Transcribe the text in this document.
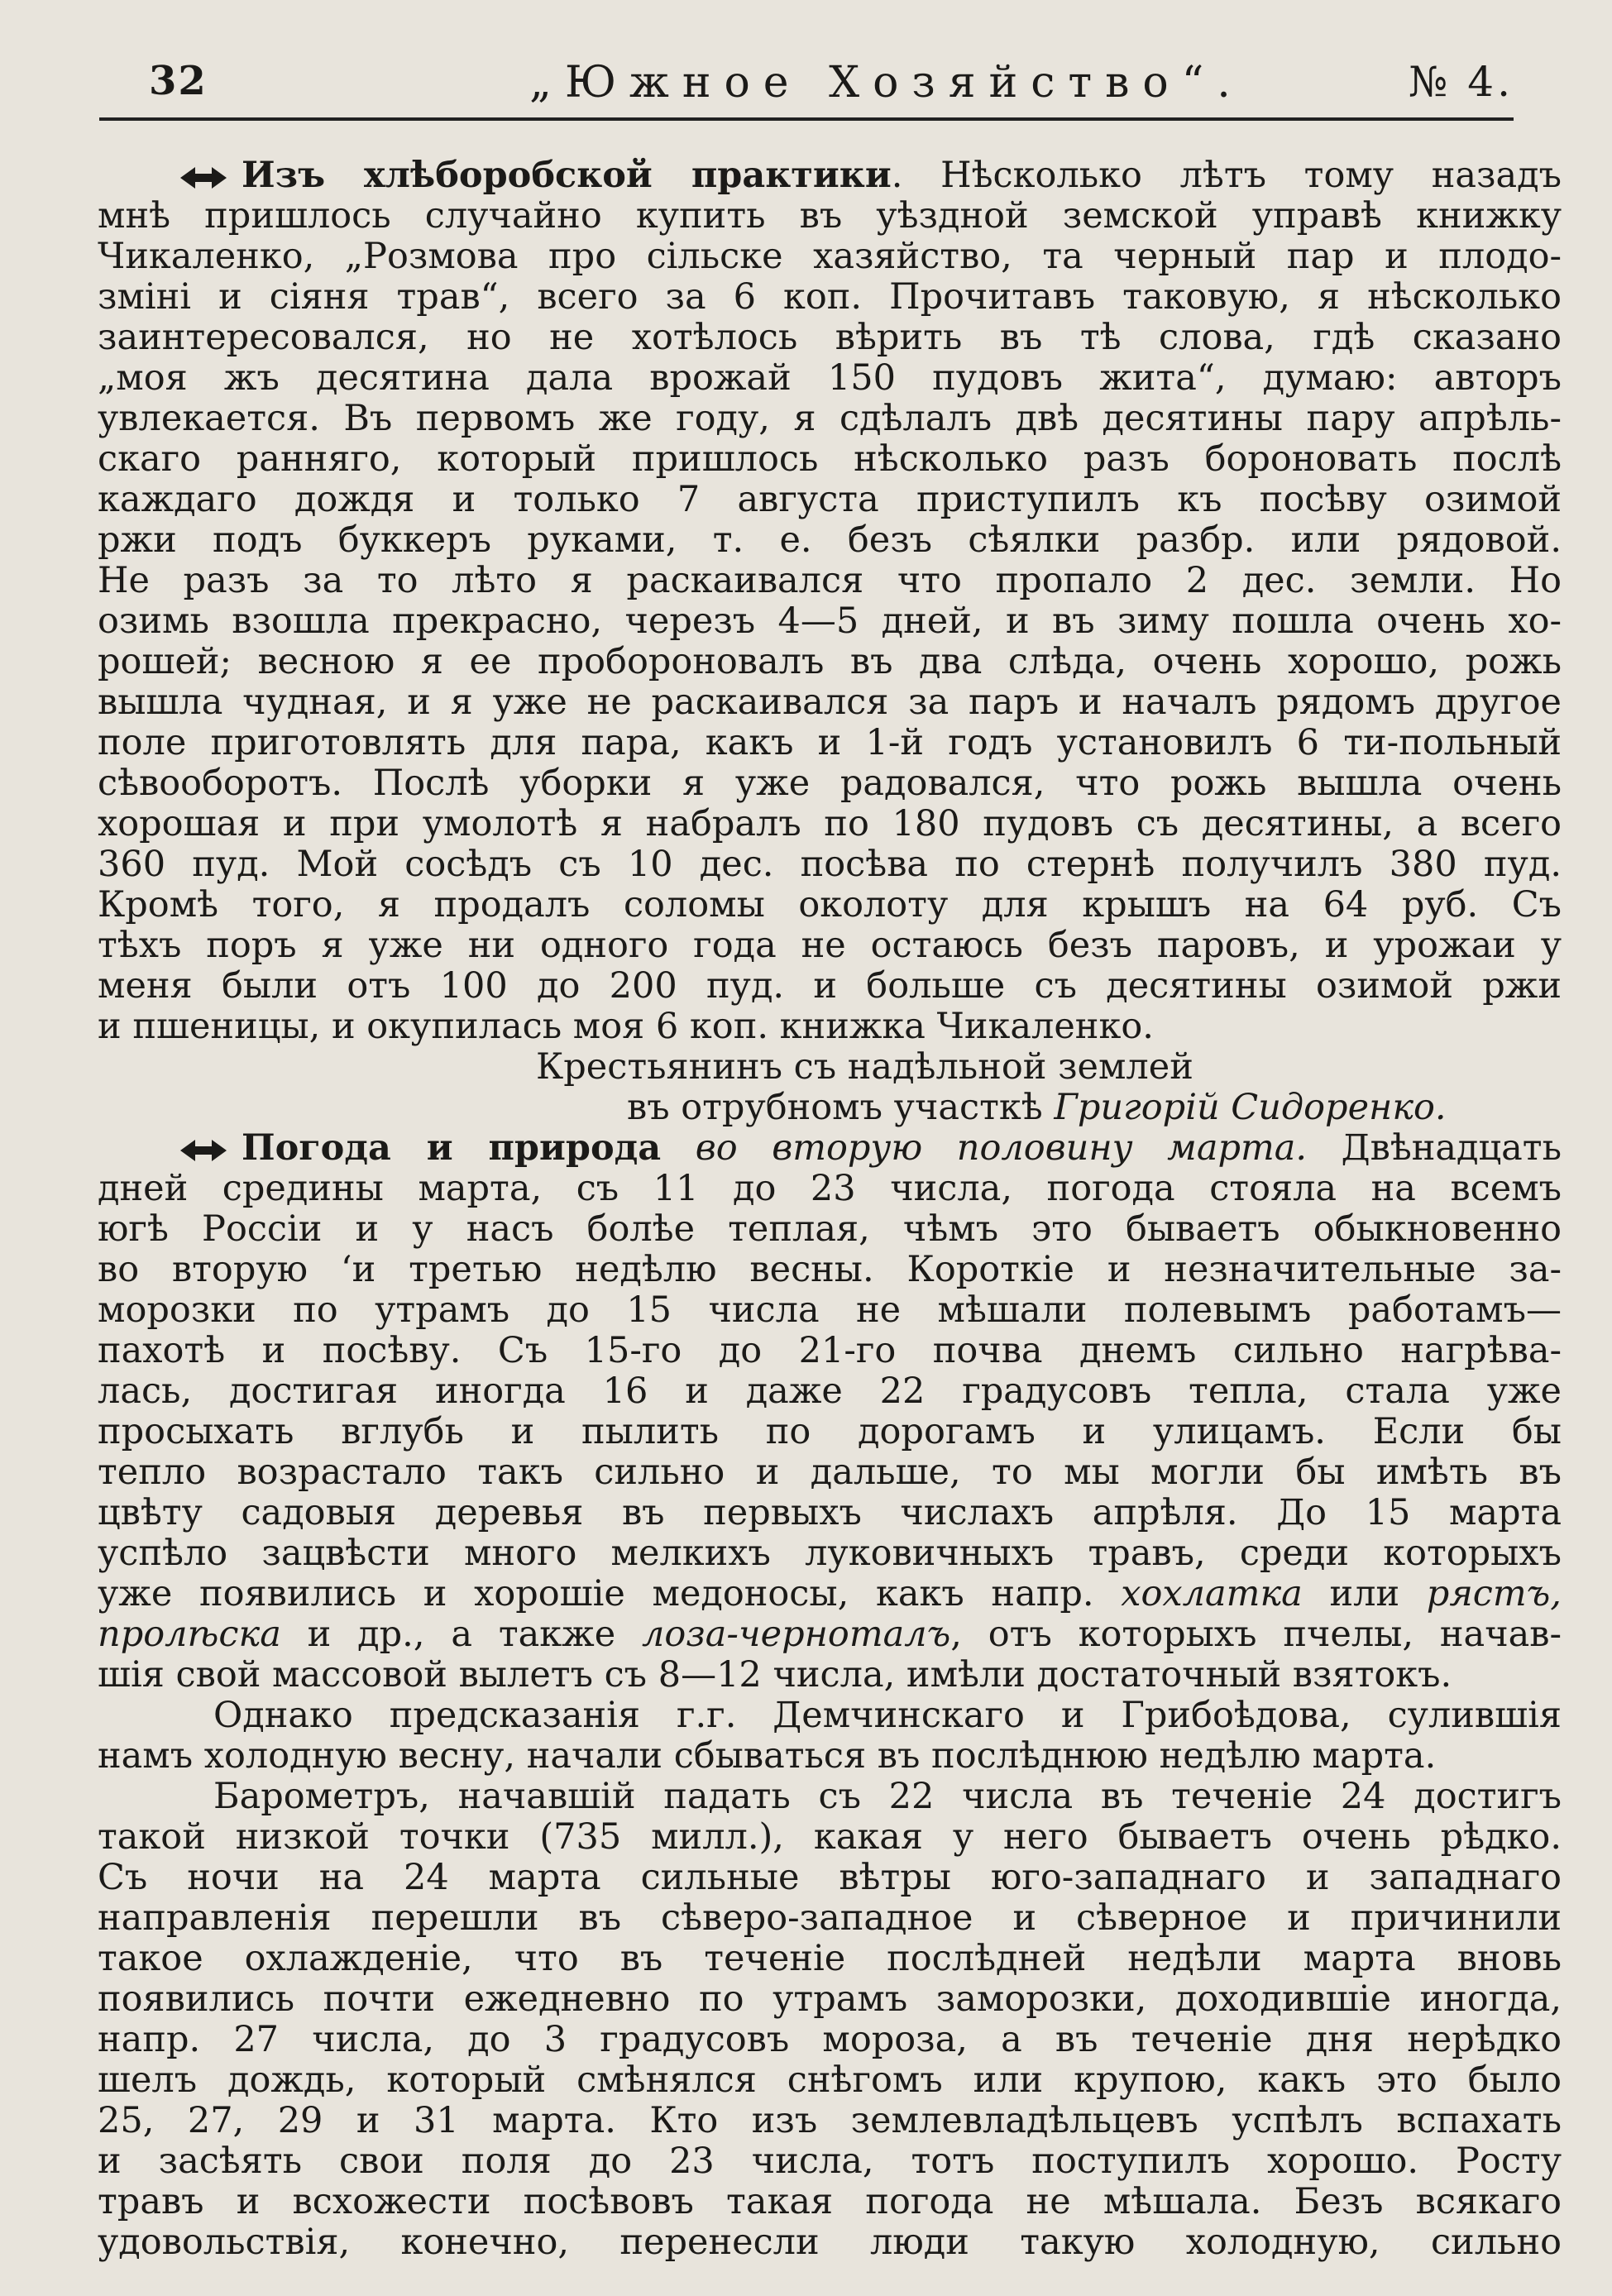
32	„Южное Хозяйство“.	№ 4.
Изъ хлѣборобской практики. Нѣсколько лѣтъ тому назадъ
мнѣ пришлось случайно купить въ уѣздной земской управѣ книжку
Чикаленко, „Розмова про сільске хазяйство, та черный пар и плодо-
зміні и сіяня трав“, всего за 6 коп. Прочитавъ таковую, я нѣсколько
заинтересовался, но не хотѣлось вѣрить въ тѣ слова, гдѣ сказано
„моя жъ десятина дала врожай 150 пудовъ жита“, думаю: авторъ
увлекается. Въ первомъ же году, я сдѣлалъ двѣ десятины пару апрѣль-
скаго ранняго, который пришлось нѣсколько разъ бороновать послѣ
каждаго дождя и только 7 августа приступилъ къ посѣву озимой
ржи подъ буккеръ руками, т. е. безъ сѣялки разбр. или рядовой.
Не разъ за то лѣто я раскаивался что пропало 2 дес. земли. Но
озимь взошла прекрасно, черезъ 4—5 дней, и въ зиму пошла очень хо-
рошей; весною я ее пробороновалъ въ два слѣда, очень хорошо, рожь
вышла чудная, и я уже не раскаивался за паръ и началъ рядомъ другое
поле приготовлять для пара, какъ и 1-й годъ установилъ 6 ти-польный
сѣвооборотъ. Послѣ уборки я уже радовался, что рожь вышла очень
хорошая и при умолотѣ я набралъ по 180 пудовъ съ десятины, а всего
360 пуд. Мой сосѣдъ съ 10 дес. посѣва по стернѣ получилъ 380 пуд.
Кромѣ того, я продалъ соломы околоту для крышъ на 64 руб. Съ
тѣхъ поръ я уже ни одного года не остаюсь безъ паровъ, и урожаи у
меня были отъ 100 до 200 пуд. и больше съ десятины озимой ржи
и пшеницы, и окупилась моя 6 коп. книжка Чикаленко.
Крестьянинъ съ надѣльной землей
въ отрубномъ участкѣ Григорій Сидоренко.
Погода и природа во вторую половину марта. Двѣнадцать
дней средины марта, съ 11 до 23 числа, погода стояла на всемъ
югѣ Россіи и у насъ болѣе теплая, чѣмъ это бываетъ обыкновенно
во вторую ʻи третью недѣлю весны. Короткіе и незначительные за-
морозки по утрамъ до 15 числа не мѣшали полевымъ работамъ—
пахотѣ и посѣву. Съ 15-го до 21-го почва днемъ сильно нагрѣва-
лась, достигая иногда 16 и даже 22 градусовъ тепла, стала уже
просыхать вглубь и пылить по дорогамъ и улицамъ. Если бы
тепло возрастало такъ сильно и дальше, то мы могли бы имѣть въ
цвѣту садовыя деревья въ первыхъ числахъ апрѣля. До 15 марта
успѣло зацвѣсти много мелкихъ луковичныхъ травъ, среди которыхъ
уже появились и хорошіе медоносы, какъ напр. хохлатка или рястъ,
пролѣска и др., а также лоза-черноталъ, отъ которыхъ пчелы, начав-
шія свой массовой вылетъ съ 8—12 числа, имѣли достаточный взятокъ.
Однако предсказанія г.г. Демчинскаго и Грибоѣдова, сулившія
намъ холодную весну, начали сбываться въ послѣднюю недѣлю марта.
Барометръ, начавшій падать съ 22 числа въ теченіе 24 достигъ
такой низкой точки (735 милл.), какая у него бываетъ очень рѣдко.
Съ ночи на 24 марта сильные вѣтры юго-западнаго и западнаго
направленія перешли въ сѣверо-западное и сѣверное и причинили
такое охлажденіе, что въ теченіе послѣдней недѣли марта вновь
появились почти ежедневно по утрамъ заморозки, доходившіе иногда,
напр. 27 числа, до 3 градусовъ мороза, а въ теченіе дня нерѣдко
шелъ дождь, который смѣнялся снѣгомъ или крупою, какъ это было
25, 27, 29 и 31 марта. Кто изъ землевладѣльцевъ успѣлъ вспахать
и засѣять свои поля до 23 числа, тотъ поступилъ хорошо. Росту
травъ и всхожести посѣвовъ такая погода не мѣшала. Безъ всякаго
удовольствія, конечно, перенесли люди такую холодную, сильно
